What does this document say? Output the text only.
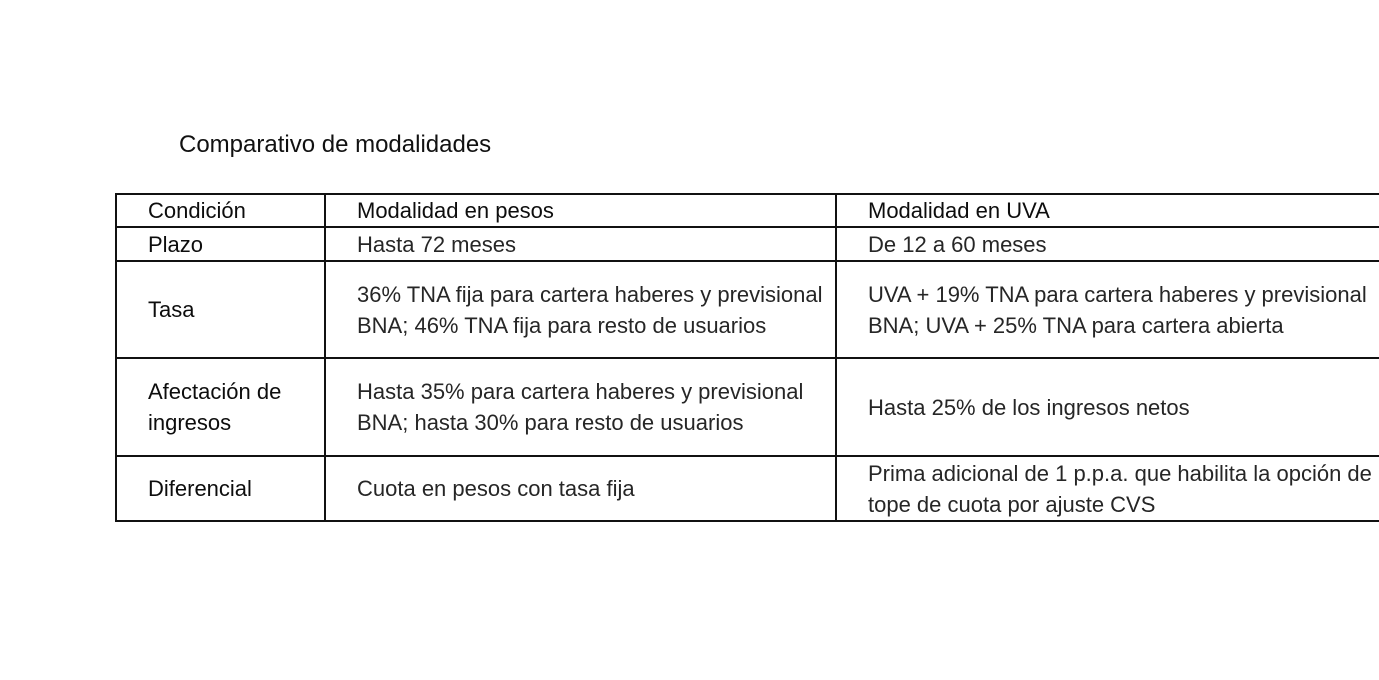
Comparativo de modalidades
Condición	Modalidad en pesos	Modalidad en UVA
Plazo	Hasta 72 meses	De 12 a 60 meses
Tasa	36% TNA fija para cartera haberes y previsional BNA; 46% TNA fija para resto de usuarios	UVA + 19% TNA para cartera haberes y previsional BNA; UVA + 25% TNA para cartera abierta
Afectación de ingresos	Hasta 35% para cartera haberes y previsional BNA; hasta 30% para resto de usuarios	Hasta 25% de los ingresos netos
Diferencial	Cuota en pesos con tasa fija	Prima adicional de 1 p.p.a. que habilita la opción de tope de cuota por ajuste CVS
